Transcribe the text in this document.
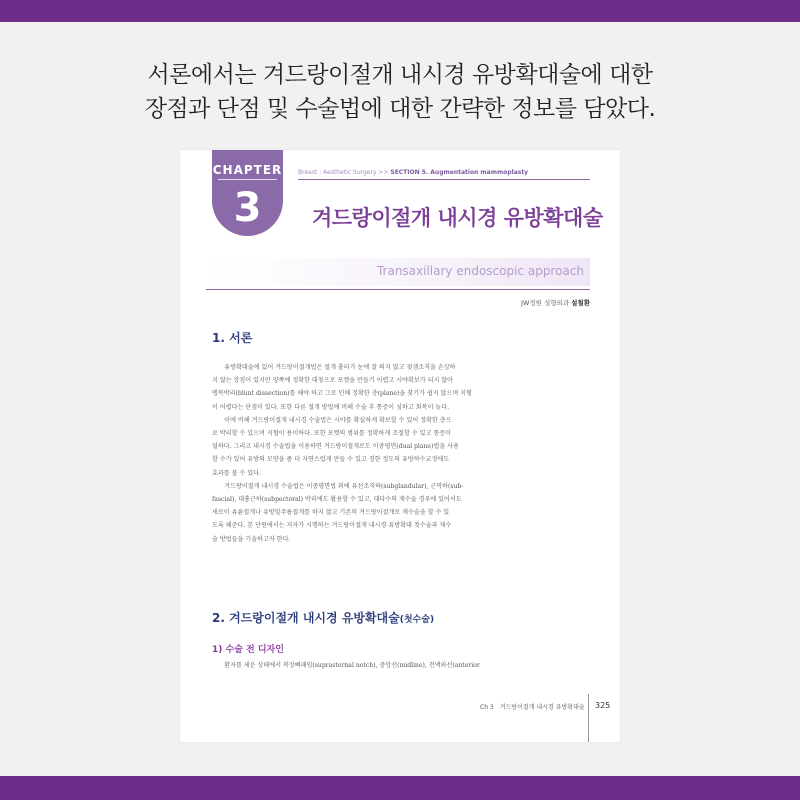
서론에서는 겨드랑이절개 내시경 유방확대술에 대한
장점과 단점 및 수술법에 대한 간략한 정보를 담았다.
CHAPTER
3
Breast : Aesthetic Surgery >> SECTION 5. Augmentation mammoplasty
겨드랑이절개 내시경 유방확대술
Transaxillary endoscopic approach
JW정원 성형외과 설철환
1. 서론
　　유방확대술에 있어 겨드랑이절개법은 절개 흉터가 눈에 잘 띄지 않고 젖샘조직을 손상하
지 않는 장점이 있지만 양쪽에 정확한 대칭으로 포켓을 만들기 어렵고 시야확보가 되지 않아
맹목박리(blunt dissection)를 해야 하고 그로 인해 정확한 층(plane)을 찾기가 쉽지 않으며 지혈
이 어렵다는 단점이 있다. 또한 다른 절개 방법에 비해 수술 후 통증이 심하고 회복이 늦다.
　　이에 비해 겨드랑이절개 내시경 수술법은 시야를 확실하게 확보할 수 있어 정확한 층으
로 박리할 수 있으며 지혈이 용이하다. 또한 포켓의 범위를 정확하게 조절할 수 있고 통증이
덜하다. 그리고 내시경 수술법을 이용하면 겨드랑이절개로도 이중평면(dual plane)법을 사용
할 수가 있어 유방의 모양을 좀 더 자연스럽게 만들 수 있고 경한 정도의 유방하수교정에도
효과를 볼 수 있다.
　　겨드랑이절개 내시경 수술법은 이중평면법 외에 유선조직하(subglandular), 근막하(sub-
fascial), 대흉근하(subpectoral) 박리에도 활용할 수 있고, 대다수의 재수술 경우에 있어서도
새로이 유륜절개나 유방밑주름절개를 하지 않고 기존의 겨드랑이절개로 재수술을 할 수 있
도록 해준다. 본 단원에서는 저자가 시행하는 겨드랑이절개 내시경 유방확대 첫수술과 재수
술 방법들을 기술하고자 한다.
2. 겨드랑이절개 내시경 유방확대술(첫수술)
1) 수술 전 디자인
　　환자를 세운 상태에서 복장뼈패임(suprasternal notch), 중앙선(midline), 전액와선(anterior
Ch 3　겨드랑이절개 내시경 유방확대술 325
